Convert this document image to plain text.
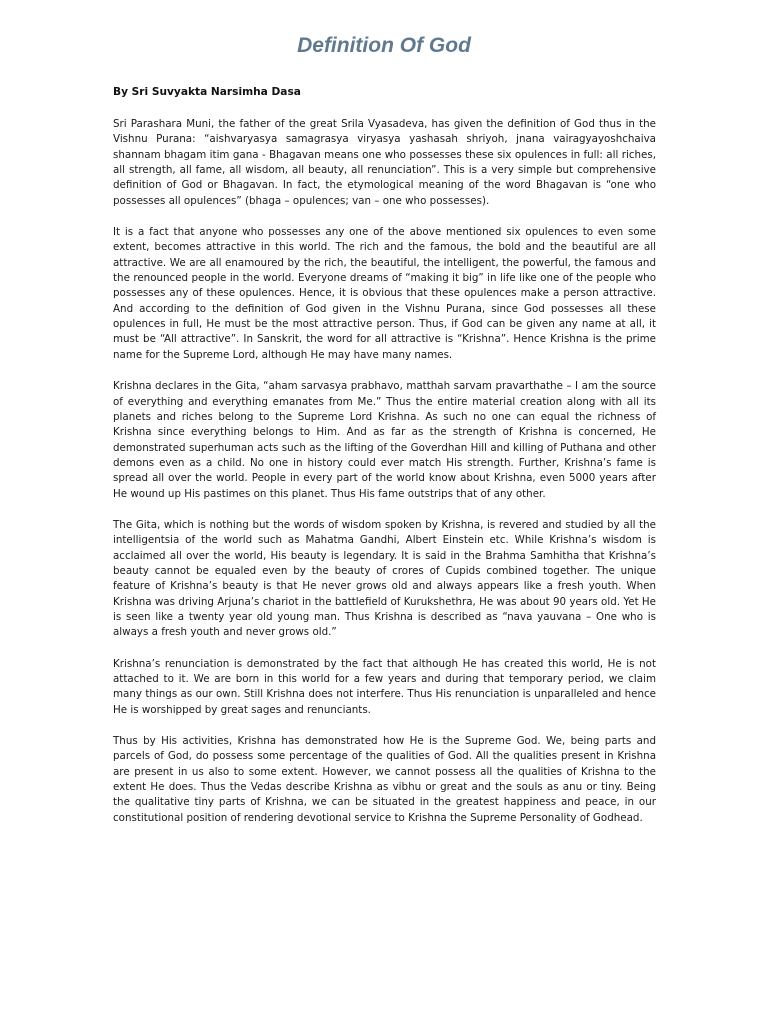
Definition Of God

By Sri Suvyakta Narsimha Dasa

Sri Parashara Muni, the father of the great Srila Vyasadeva, has given the definition of God thus in the Vishnu Purana: “aishvaryasya samagrasya viryasya yashasah shriyoh, jnana vairagyayoshchaiva shannam bhagam itim gana - Bhagavan means one who possesses these six opulences in full: all riches, all strength, all fame, all wisdom, all beauty, all renunciation”. This is a very simple but comprehensive definition of God or Bhagavan. In fact, the etymological meaning of the word Bhagavan is “one who possesses all opulences” (bhaga – opulences; van – one who possesses).

It is a fact that anyone who possesses any one of the above mentioned six opulences to even some extent, becomes attractive in this world. The rich and the famous, the bold and the beautiful are all attractive. We are all enamoured by the rich, the beautiful, the intelligent, the powerful, the famous and the renounced people in the world. Everyone dreams of “making it big” in life like one of the people who possesses any of these opulences. Hence, it is obvious that these opulences make a person attractive. And according to the definition of God given in the Vishnu Purana, since God possesses all these opulences in full, He must be the most attractive person. Thus, if God can be given any name at all, it must be “All attractive”. In Sanskrit, the word for all attractive is “Krishna”. Hence Krishna is the prime name for the Supreme Lord, although He may have many names.

Krishna declares in the Gita, “aham sarvasya prabhavo, matthah sarvam pravarthathe – I am the source of everything and everything emanates from Me.” Thus the entire material creation along with all its planets and riches belong to the Supreme Lord Krishna. As such no one can equal the richness of Krishna since everything belongs to Him. And as far as the strength of Krishna is concerned, He demonstrated superhuman acts such as the lifting of the Goverdhan Hill and killing of Puthana and other demons even as a child. No one in history could ever match His strength. Further, Krishna’s fame is spread all over the world. People in every part of the world know about Krishna, even 5000 years after He wound up His pastimes on this planet. Thus His fame outstrips that of any other.

The Gita, which is nothing but the words of wisdom spoken by Krishna, is revered and studied by all the intelligentsia of the world such as Mahatma Gandhi, Albert Einstein etc. While Krishna’s wisdom is acclaimed all over the world, His beauty is legendary. It is said in the Brahma Samhitha that Krishna’s beauty cannot be equaled even by the beauty of crores of Cupids combined together. The unique feature of Krishna’s beauty is that He never grows old and always appears like a fresh youth. When Krishna was driving Arjuna’s chariot in the battlefield of Kurukshethra, He was about 90 years old. Yet He is seen like a twenty year old young man. Thus Krishna is described as “nava yauvana – One who is always a fresh youth and never grows old.”

Krishna’s renunciation is demonstrated by the fact that although He has created this world, He is not attached to it. We are born in this world for a few years and during that temporary period, we claim many things as our own. Still Krishna does not interfere. Thus His renunciation is unparalleled and hence He is worshipped by great sages and renunciants.

Thus by His activities, Krishna has demonstrated how He is the Supreme God. We, being parts and parcels of God, do possess some percentage of the qualities of God. All the qualities present in Krishna are present in us also to some extent. However, we cannot possess all the qualities of Krishna to the extent He does. Thus the Vedas describe Krishna as vibhu or great and the souls as anu or tiny. Being the qualitative tiny parts of Krishna, we can be situated in the greatest happiness and peace, in our constitutional position of rendering devotional service to Krishna the Supreme Personality of Godhead.
